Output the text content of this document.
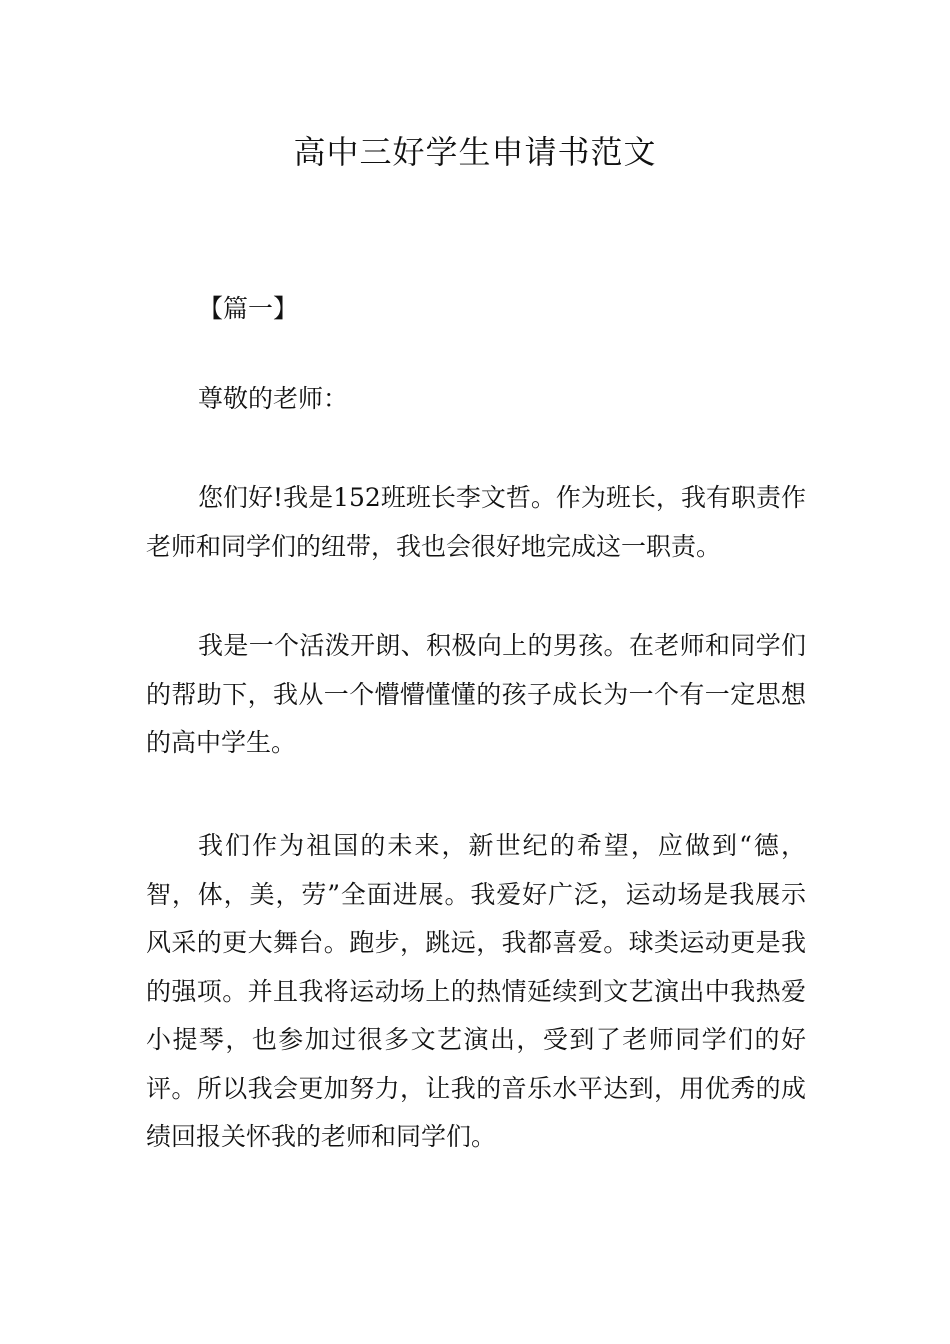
高中三好学生申请书范文

【篇一】

尊敬的老师：

您们好!我是152班班长李文哲。作为班长，我有职责作老师和同学们的纽带，我也会很好地完成这一职责。

我是一个活泼开朗、积极向上的男孩。在老师和同学们的帮助下，我从一个懵懵懂懂的孩子成长为一个有一定思想的高中学生。

我们作为祖国的未来，新世纪的希望，应做到“德，智，体，美，劳”全面进展。我爱好广泛，运动场是我展示风采的更大舞台。跑步，跳远，我都喜爱。球类运动更是我的强项。并且我将运动场上的热情延续到文艺演出中我热爱小提琴，也参加过很多文艺演出，受到了老师同学们的好评。所以我会更加努力，让我的音乐水平达到，用优秀的成绩回报关怀我的老师和同学们。
